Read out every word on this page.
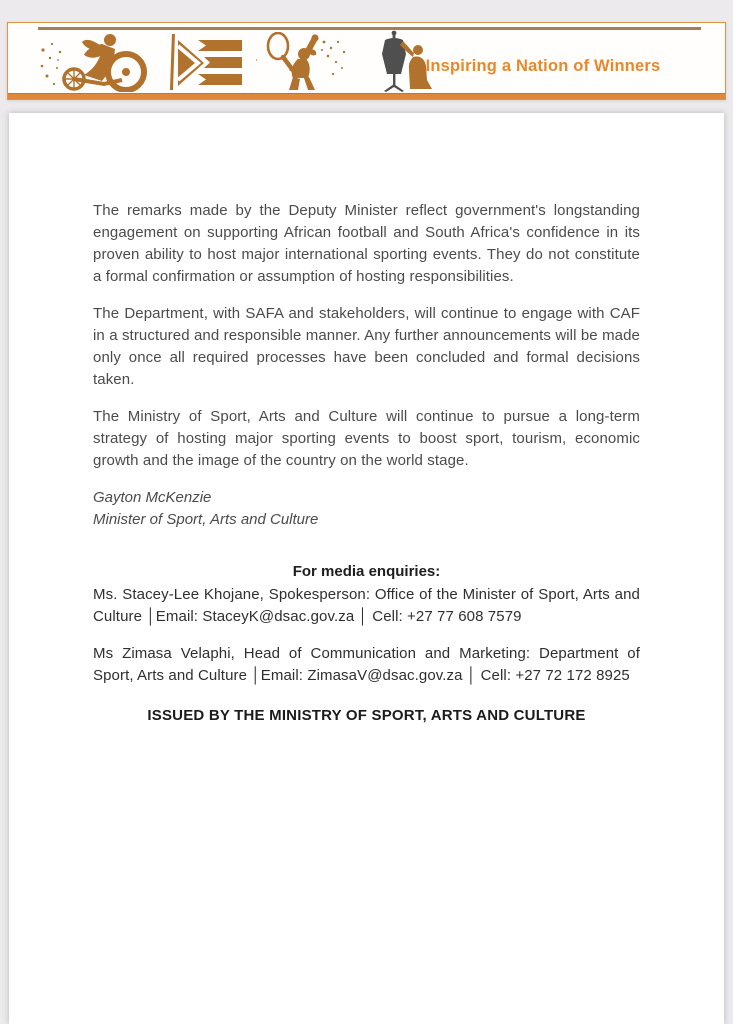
Inspiring a Nation of Winners

The remarks made by the Deputy Minister reflect government's longstanding engagement on supporting African football and South Africa's confidence in its proven ability to host major international sporting events. They do not constitute a formal confirmation or assumption of hosting responsibilities.

The Department, with SAFA and stakeholders, will continue to engage with CAF in a structured and responsible manner. Any further announcements will be made only once all required processes have been concluded and formal decisions taken.

The Ministry of Sport, Arts and Culture will continue to pursue a long-term strategy of hosting major sporting events to boost sport, tourism, economic growth and the image of the country on the world stage.

Gayton McKenzie

Minister of Sport, Arts and Culture

For media enquiries:

Ms. Stacey-Lee Khojane, Spokesperson: Office of the Minister of Sport, Arts and Culture │Email: StaceyK@dsac.gov.za │ Cell: +27 77 608 7579

Ms Zimasa Velaphi, Head of Communication and Marketing: Department of Sport, Arts and Culture │Email: ZimasaV@dsac.gov.za │ Cell: +27 72 172 8925

ISSUED BY THE MINISTRY OF SPORT, ARTS AND CULTURE
